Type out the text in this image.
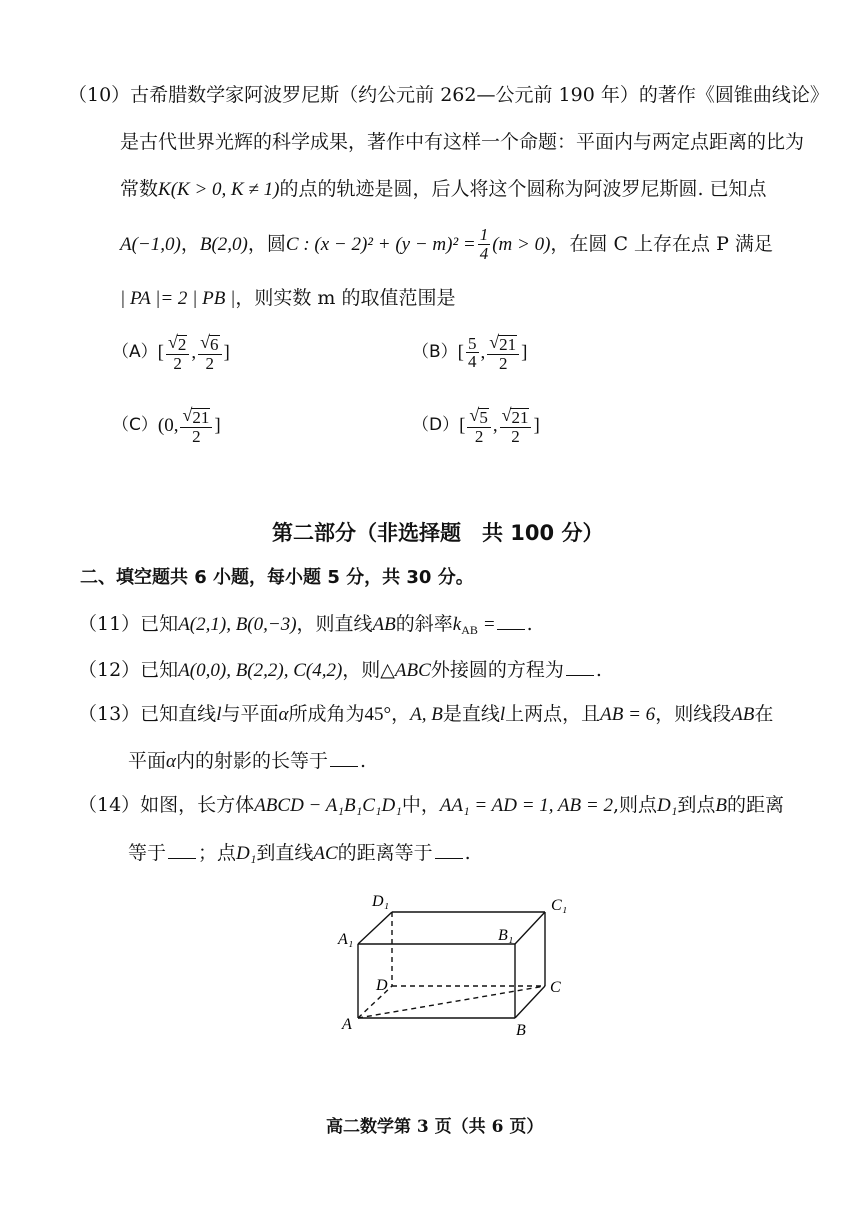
（10）古希腊数学家阿波罗尼斯（约公元前 262—公元前 190 年）的著作《圆锥曲线论》
是古代世界光辉的科学成果，著作中有这样一个命题：平面内与两定点距离的比为
常数K(K > 0, K ≠ 1)的点的轨迹是圆，后人将这个圆称为阿波罗尼斯圆. 已知点
A(−1,0) ， B(2,0) ，圆 C : $(x - 2)^2 + (y - m)^2 = \frac{1}{4} (m > 0)$ ，在圆 C 上存在点 P 满足
| PA |= 2 | PB |，则实数 m 的取值范围是
（A） [ $\frac{√ 2}{2}$ , $\frac{√ 6}{2}$ ]	（B） [ $\frac{5}{4}$ , $\frac{√ 21}{2}$ ]
（C） (0, $\frac{√ 21}{2}$ ]	（D） [ $\frac{√ 5}{2}$ , $\frac{√ 21}{2}$ ]
第二部分（非选择题　共 100 分）
二、填空题共 6 小题，每小题 5 分，共 30 分。
（11）已知A(2,1), B(0,−3)，则直线AB的斜率$k_{AB}$ = .
（12）已知A(0,0), B(2,2), C(4,2)，则△ABC外接圆的方程为 .
（13）已知直线l与平面α所成角为45°，A, B是直线l上两点，且AB = 6，则线段AB在
平面α内的射影的长等于 .
（14）如图，长方体ABCD − A₁B₁C₁D₁中，AA₁ = AD = 1, AB = 2,则点D₁到点B的距离
等于 ；点D₁到直线AC的距离等于 .
D₁	C₁
A₁	B₁
D	C
A	B
高二数学第 3 页（共 6 页）
